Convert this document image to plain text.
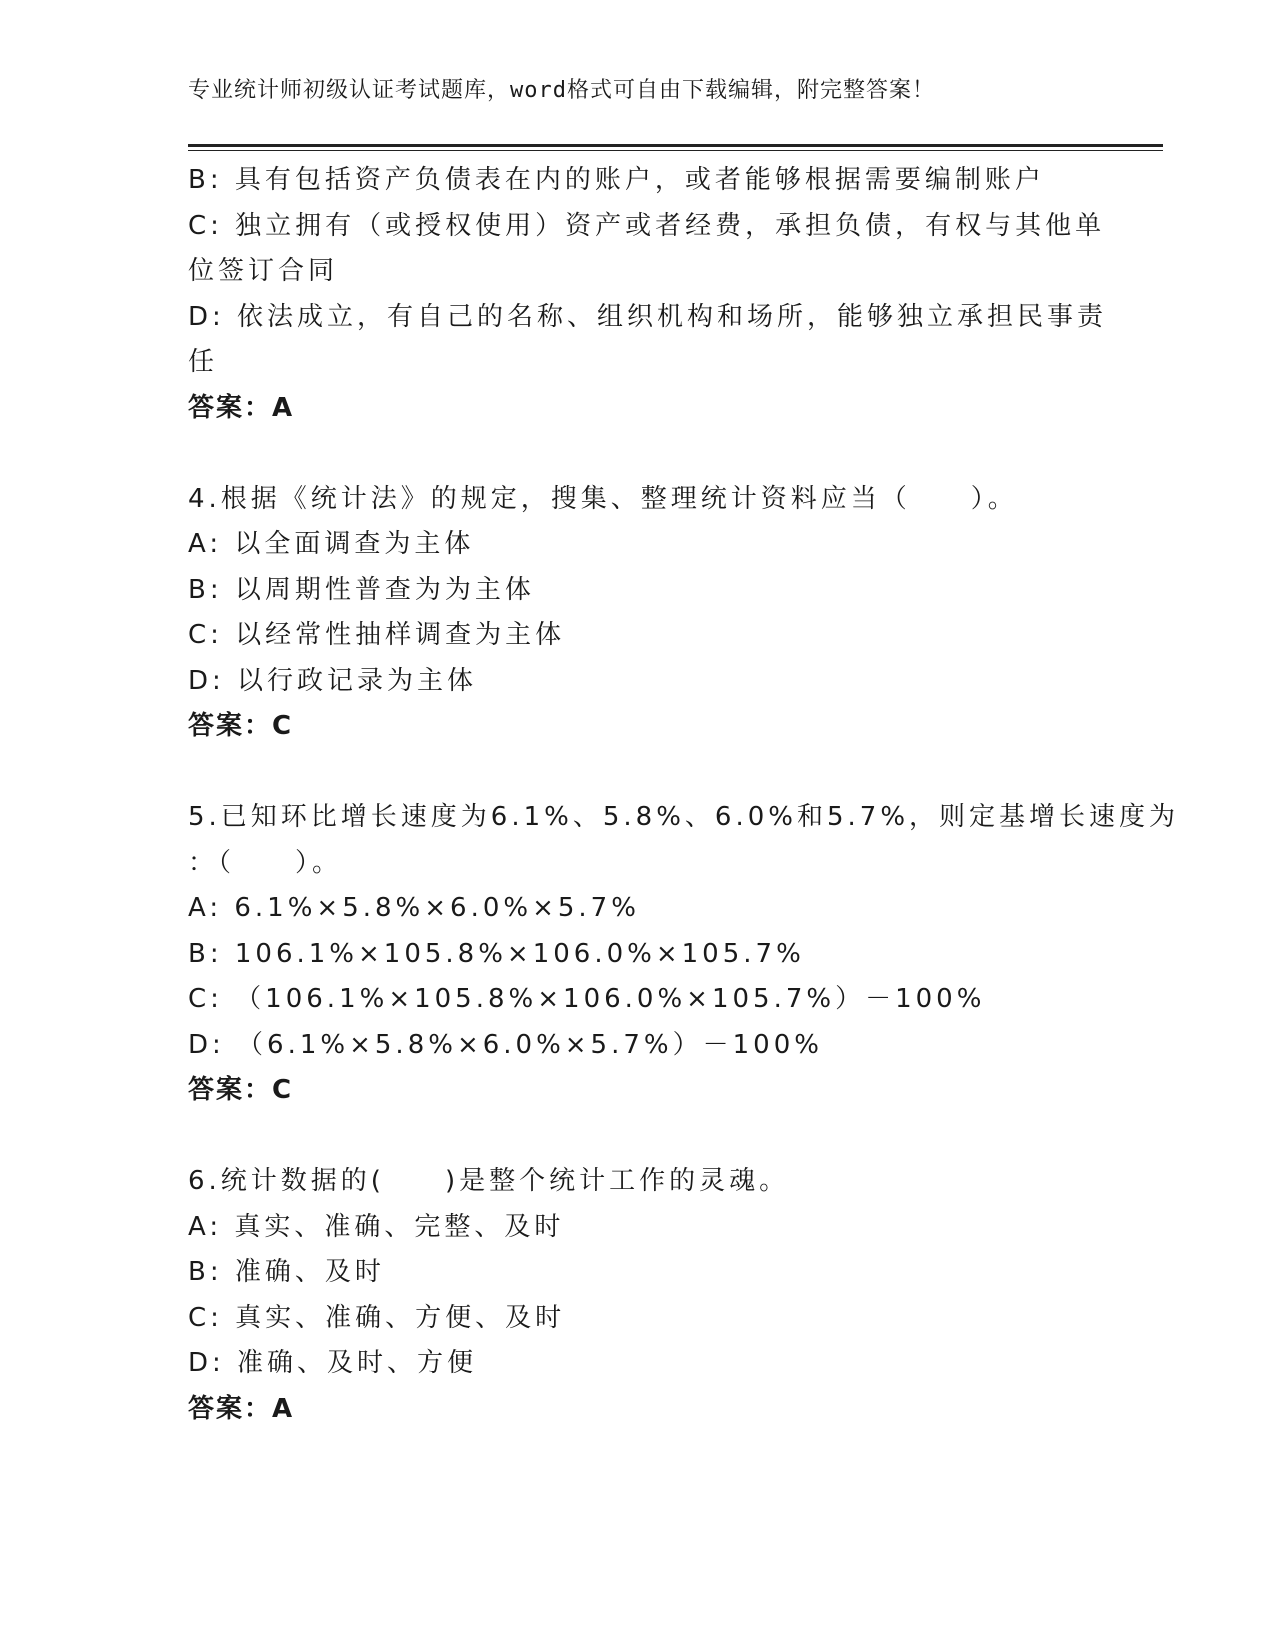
专业统计师初级认证考试题库，word格式可自由下载编辑，附完整答案！
B: 具有包括资产负债表在内的账户，或者能够根据需要编制账户
C: 独立拥有（或授权使用）资产或者经费，承担负债，有权与其他单
位签订合同
D: 依法成立，有自己的名称、组织机构和场所，能够独立承担民事责
任
答案：A
4.根据《统计法》的规定，搜集、整理统计资料应当（　　）。
A: 以全面调查为主体
B: 以周期性普查为为主体
C: 以经常性抽样调查为主体
D: 以行政记录为主体
答案：C
5.已知环比增长速度为6.1%、5.8%、6.0%和5.7%，则定基增长速度为
：（　　）。
A: 6.1%×5.8%×6.0%×5.7%
B: 106.1%×105.8%×106.0%×105.7%
C: （106.1%×105.8%×106.0%×105.7%）－100%
D: （6.1%×5.8%×6.0%×5.7%）－100%
答案：C
6.统计数据的(　　)是整个统计工作的灵魂。
A: 真实、准确、完整、及时
B: 准确、及时
C: 真实、准确、方便、及时
D: 准确、及时、方便
答案：A
